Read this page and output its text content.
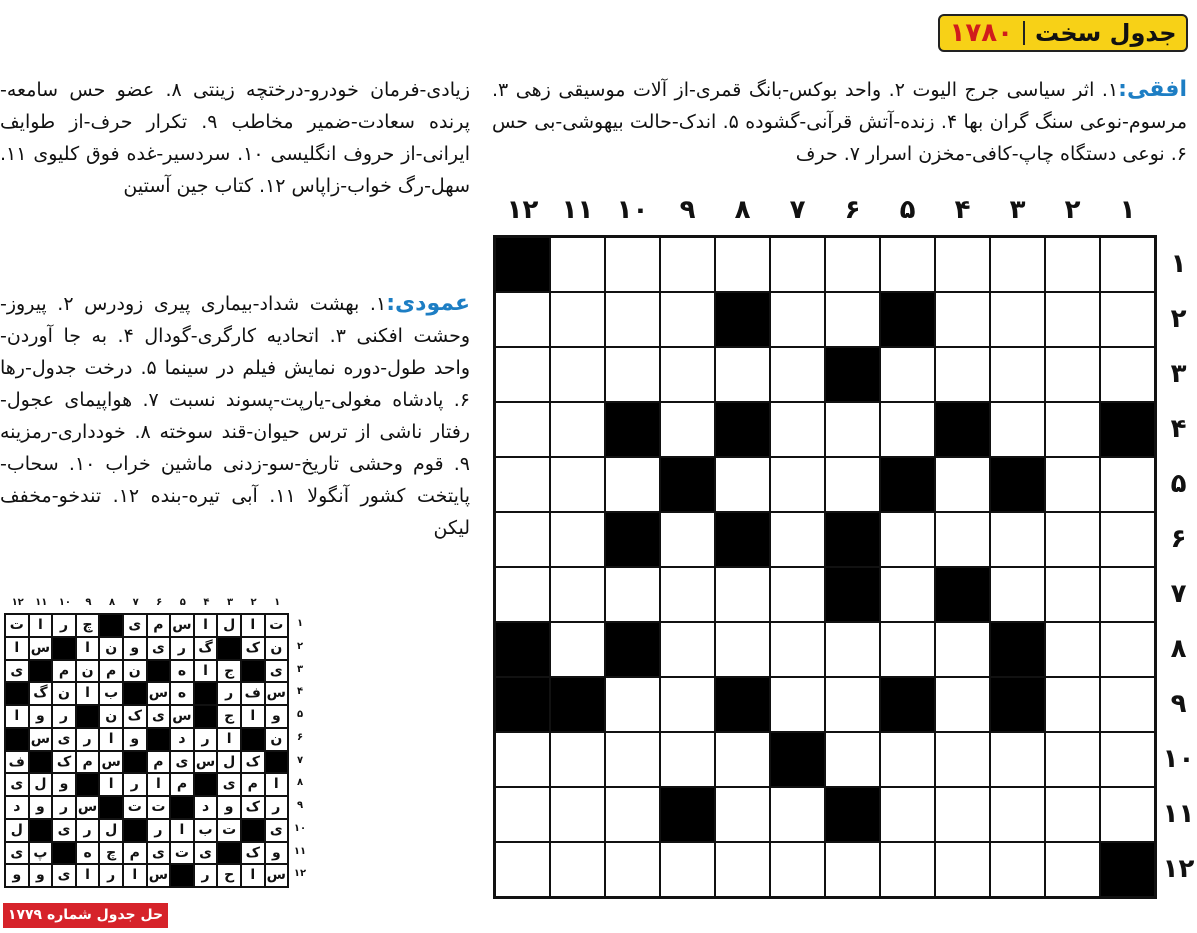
جدول سخت
۱۷۸۰
افقی:۱. اثر سیاسی جرج الیوت ۲. واحد بوکس-بانگ قمری-از آلات موسیقی زهی ۳. مرسوم-نوعی سنگ گران بها ۴. زنده-آتش قرآنی-گشوده ۵. اندک-حالت بیهوشی-بی حس ۶. نوعی دستگاه چاپ-کافی-مخزن اسرار ۷. حرف
زیادی-فرمان خودرو-درختچه زینتی ۸. عضو حس سامعه-پرنده سعادت-ضمیر مخاطب ۹. تکرار حرف-از طوایف ایرانی-از حروف انگلیسی ۱۰. سردسیر-غده فوق کلیوی ۱۱. سهل-رگ خواب-زاپاس ۱۲. کتاب جین آستین
عمودی:۱. بهشت شداد-بیماری پیری زودرس ۲. پیروز-وحشت افکنی ۳. اتحادیه کارگری-گودال ۴. به جا آوردن-واحد طول-دوره نمایش فیلم در سینما ۵. درخت جدول-رها ۶. پادشاه مغولی-یارپت-پسوند نسبت ۷. هواپیمای عجول-رفتار ناشی از ترس حیوان-قند سوخته ۸. خودداری-رمزینه ۹. قوم وحشی تاریخ-سو-زدنی ماشین خراب ۱۰. سحاب-پایتخت کشور آنگولا ۱۱. آبی تیره-بنده ۱۲. تندخو-مخفف لیکن
۱
۲
۳
۴
۵
۶
۷
۸
۹
۱۰
۱۱
۱۲
۱
۲
۳
۴
۵
۶
۷
۸
۹
۱۰
۱۱
۱۲
۱
۲
۳
۴
۵
۶
۷
۸
۹
۱۰
۱۱
۱۲
۱
۲
۳
۴
۵
۶
۷
۸
۹
۱۰
۱۱
۱۲
ت
ا
ل
ا
س
م
ی
چ
ر
ا
ت
ن
ک
گ
ر
ی
و
ن
ا
س
ا
ی
ج
ا
ه
ن
م
ن
م
ی
س
ف
ر
ه
س
ب
ا
ن
گ
و
ا
ج
س
ی
ک
ن
ر
و
ا
ن
ا
ر
د
و
ا
ر
ی
س
ک
ل
س
ی
م
س
م
ک
ف
ا
م
ی
م
ا
ر
ا
و
ل
ی
ر
ک
و
د
ت
ت
س
ر
و
د
ی
ت
ب
ا
ر
ل
ر
ی
ل
و
ک
ی
ت
ی
م
چ
ه
پ
ی
س
ا
ح
ر
س
ا
ر
ا
ی
و
و
حل جدول شماره ۱۷۷۹
